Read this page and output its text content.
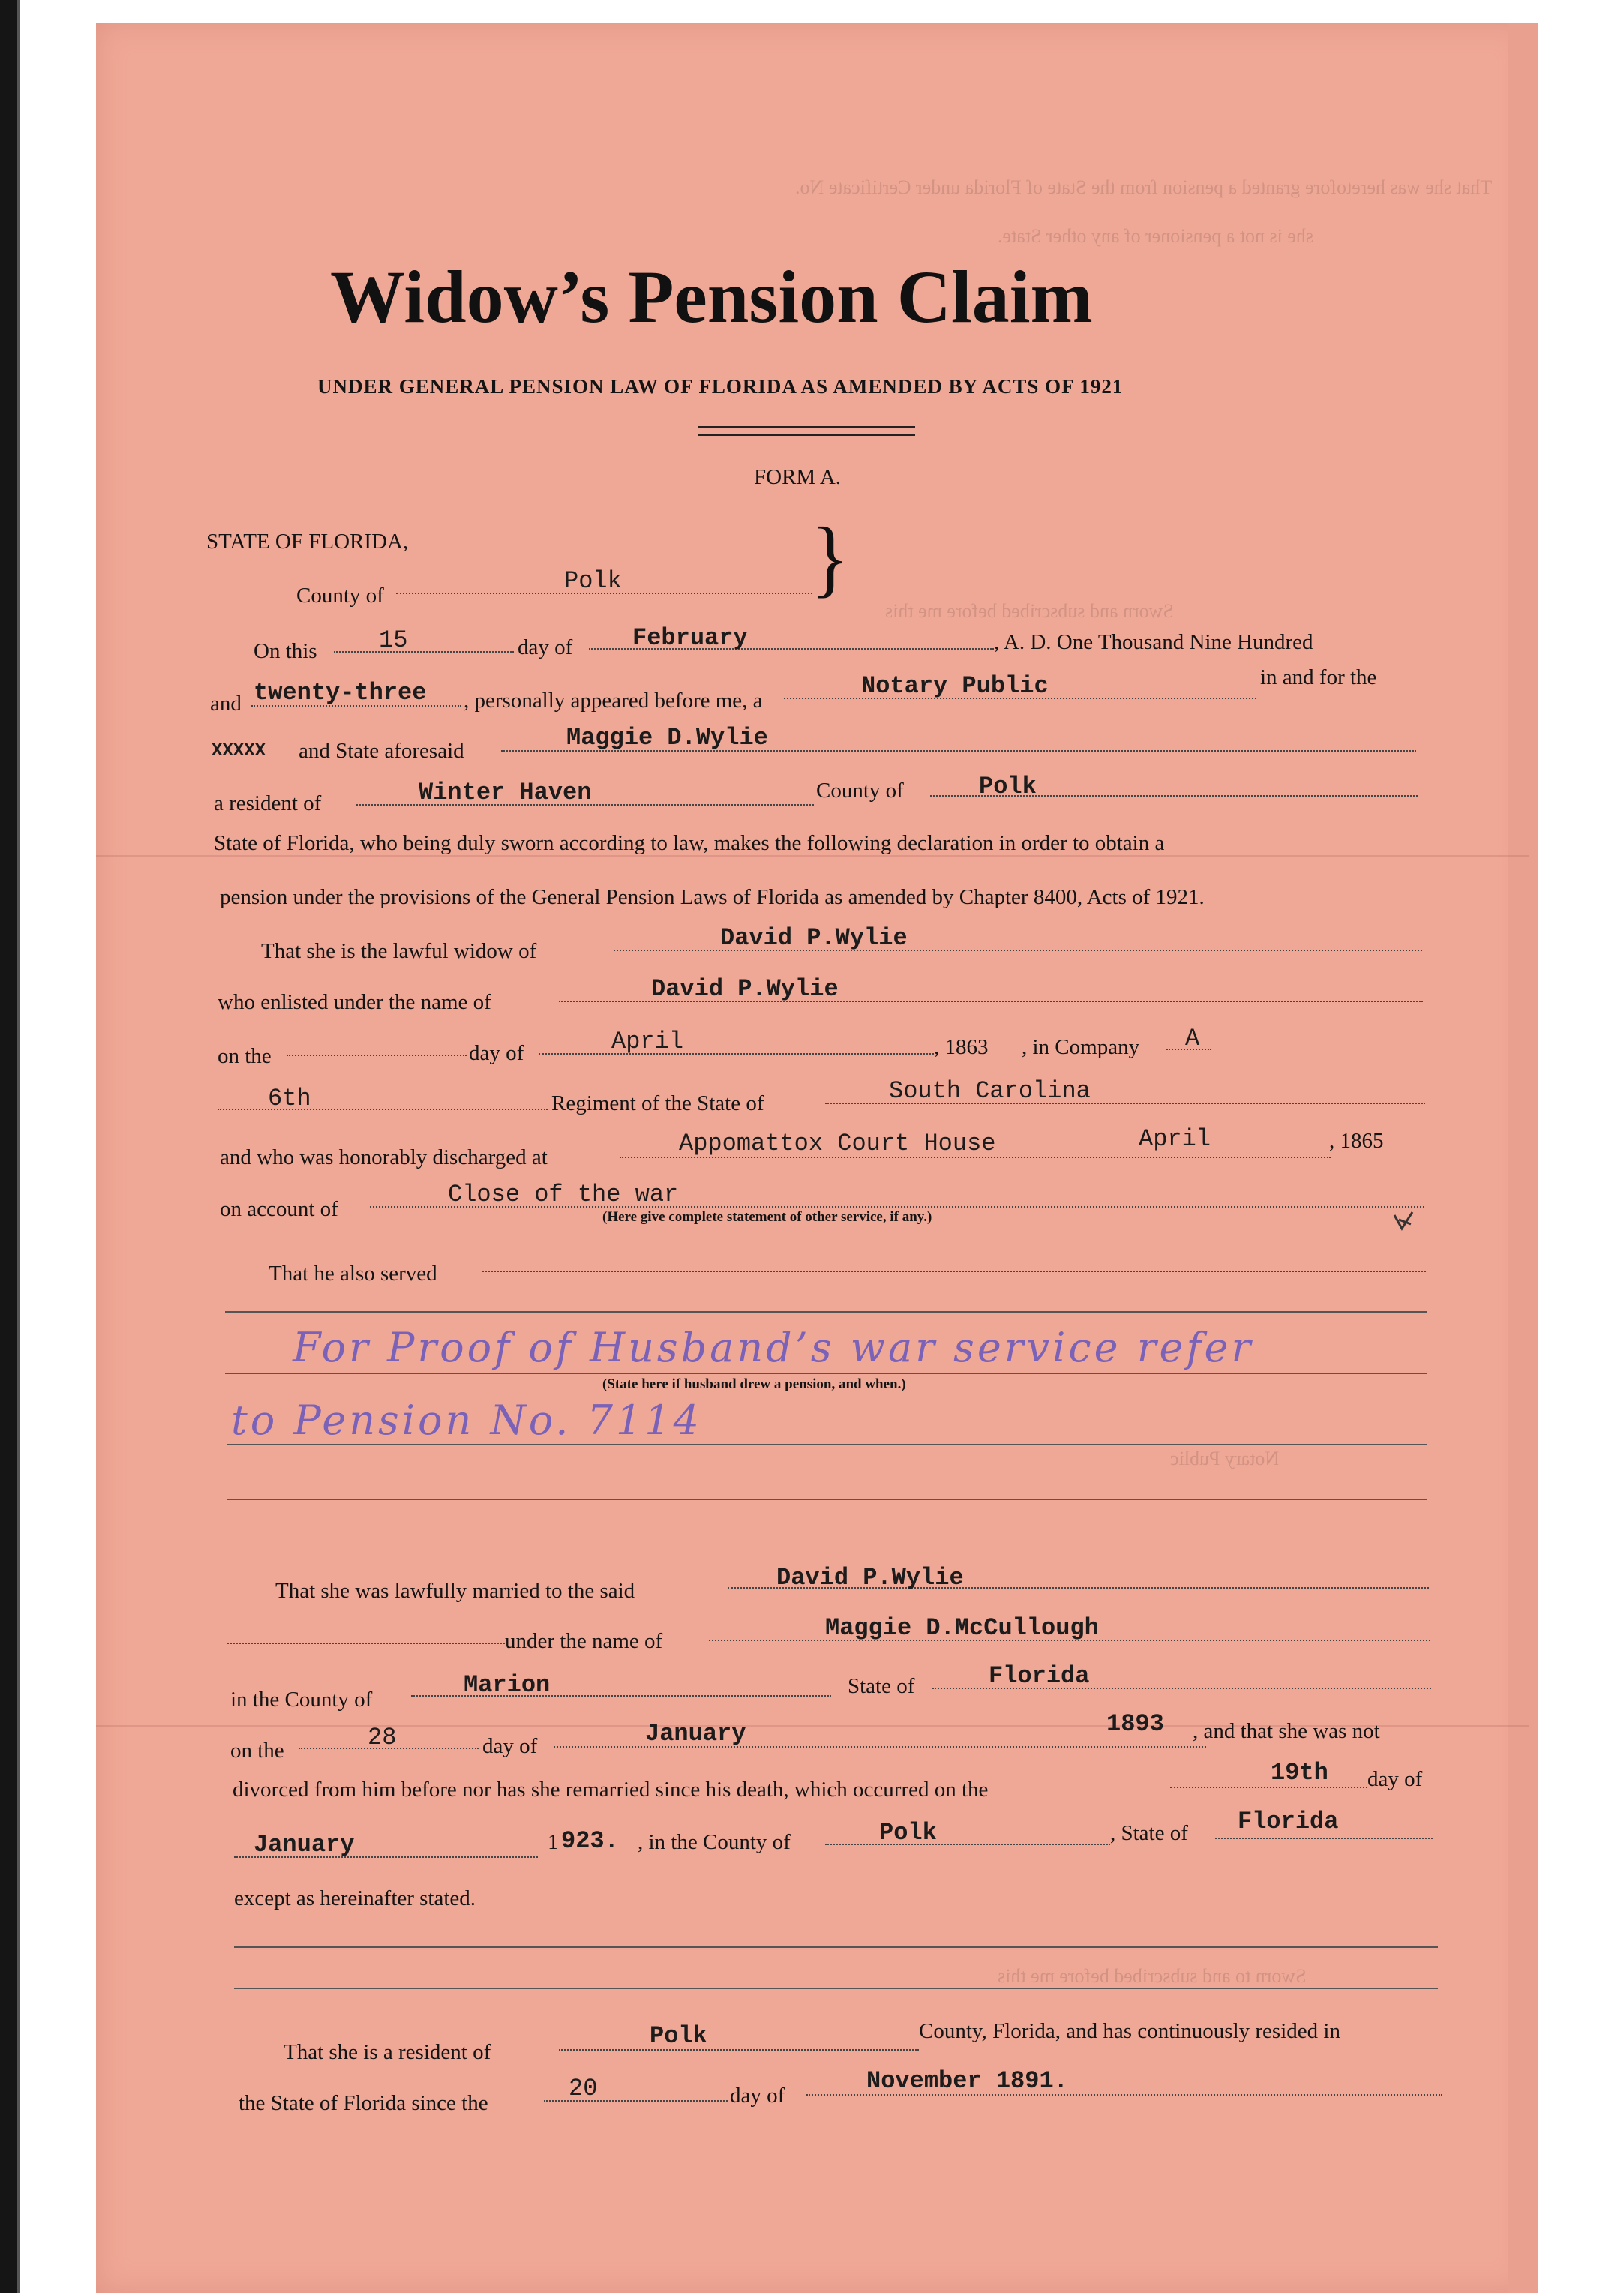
That she was heretofore granted a pension from the State of Florida under Certificate No.
she is not a pensioner of any other State.
Sworn and subscribed before me this
Notary Public
Sworn to and subscribed before me this
Widow’s Pension Claim
UNDER GENERAL PENSION LAW OF FLORIDA AS AMENDED BY ACTS OF 1921
FORM A.
STATE OF FLORIDA,
County of
Polk }
On this	15	day of February	, A. D. One Thousand Nine Hundred
and twenty-three , personally appeared before me, a
Notary Public	in and for the
XXXXX and State aforesaid	Maggie D.Wylie
a resident of	Winter Haven	County of	Polk
State of Florida, who being duly sworn according to law, makes the following declaration in order to obtain a
pension under the provisions of the General Pension Laws of Florida as amended by Chapter 8400, Acts of 1921.
That she is the lawful widow of	David P.Wylie
who enlisted under the name of	David P.Wylie
on the	day of	April	, 1863 , in Company A
6th	Regiment of the State of	South Carolina
and who was honorably discharged at	Appomattox Court House	April	, 1865
on account of
Close of the war
(Here give complete statement of other service, if any.)
That he also served
For Proof of Husband’s war service refer
(State here if husband drew a pension, and when.)
to Pension No. 7114
That she was lawfully married to the said	David P.Wylie
under the name of	Maggie D.McCullough
in the County of
Marion	State of	Florida
on the	28	day of	January	1893 , and that she was not
divorced from him before nor has she remarried since his death, which occurred on the
19th day of
January	1 923. , in the County of	Polk	, State of Florida
except as hereinafter stated.
That she is a resident of
Polk	County, Florida, and has continuously resided in
the State of Florida since the
20	day of
November 1891.
